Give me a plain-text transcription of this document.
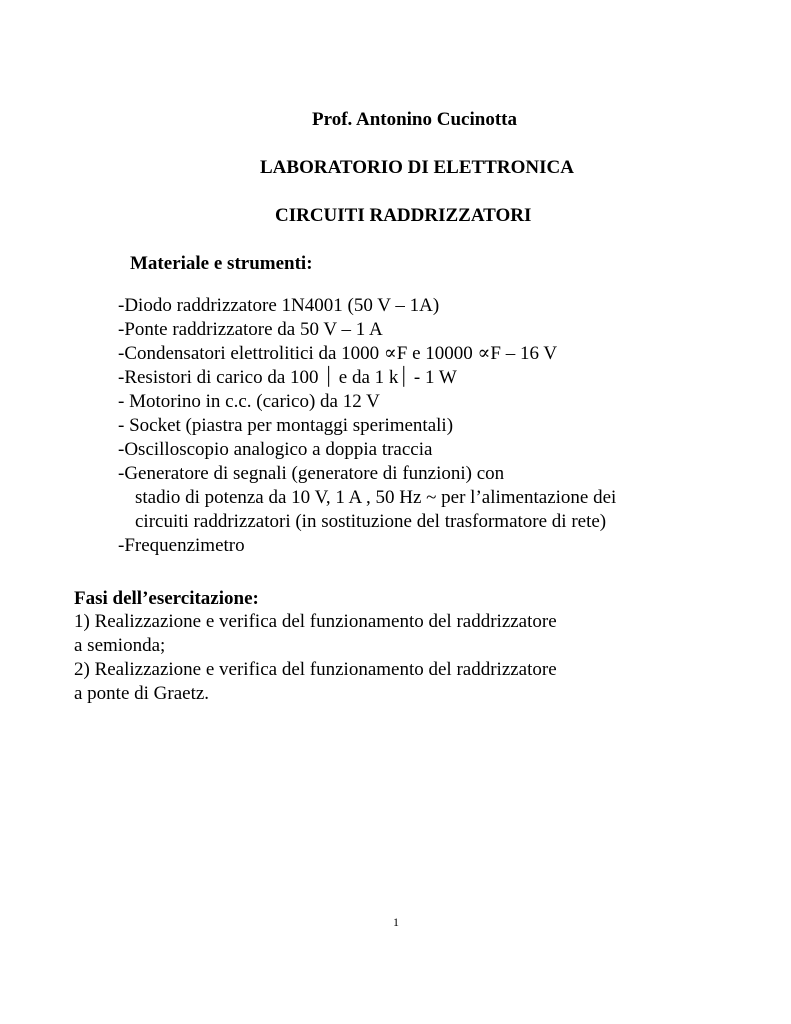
Prof. Antonino Cucinotta
LABORATORIO DI ELETTRONICA
CIRCUITI RADDRIZZATORI
Materiale e strumenti:
-Diodo raddrizzatore 1N4001 (50 V – 1A)
-Ponte raddrizzatore da 50 V – 1 A
-Condensatori elettrolitici da 1000 ∝F e 10000 ∝F – 16 V
-Resistori di carico da 100 ⏐ e da 1 k⏐ - 1 W
- Motorino in c.c. (carico) da 12 V
- Socket (piastra per montaggi sperimentali)
-Oscilloscopio analogico a doppia traccia
-Generatore di segnali (generatore di funzioni) con
stadio di potenza da 10 V, 1 A , 50 Hz ~ per l’alimentazione dei
circuiti raddrizzatori (in sostituzione del trasformatore di rete)
-Frequenzimetro
Fasi dell’esercitazione:
1) Realizzazione e verifica del funzionamento del raddrizzatore
a semionda;
2) Realizzazione e verifica del funzionamento del raddrizzatore
a ponte di Graetz.
1
